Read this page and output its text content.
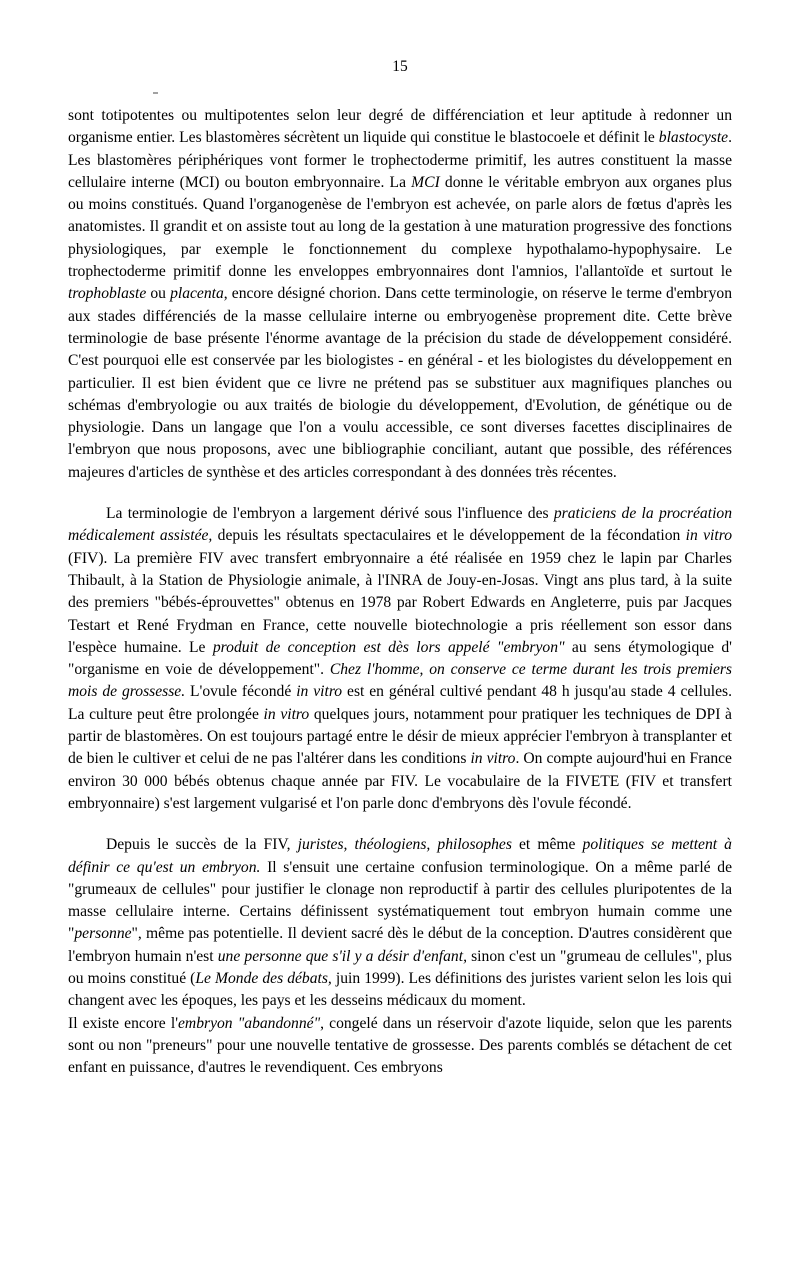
15

sont totipotentes ou multipotentes selon leur degré de différenciation et leur aptitude à redonner un organisme entier. Les blastomères sécrètent un liquide qui constitue le blastocoele et définit le blastocyste. Les blastomères périphériques vont former le trophectoderme primitif, les autres constituent la masse cellulaire interne (MCI) ou bouton embryonnaire. La MCI donne le véritable embryon aux organes plus ou moins constitués. Quand l'organogenèse de l'embryon est achevée, on parle alors de fœtus d'après les anatomistes. Il grandit et on assiste tout au long de la gestation à une maturation progressive des fonctions physiologiques, par exemple le fonctionnement du complexe hypothalamo-hypophysaire. Le trophectoderme primitif donne les enveloppes embryonnaires dont l'amnios, l'allantoïde et surtout le trophoblaste ou placenta, encore désigné chorion. Dans cette terminologie, on réserve le terme d'embryon aux stades différenciés de la masse cellulaire interne ou embryogenèse proprement dite. Cette brève terminologie de base présente l'énorme avantage de la précision du stade de développement considéré. C'est pourquoi elle est conservée par les biologistes - en général - et les biologistes du développement en particulier. Il est bien évident que ce livre ne prétend pas se substituer aux magnifiques planches ou schémas d'embryologie ou aux traités de biologie du développement, d'Evolution, de génétique ou de physiologie. Dans un langage que l'on a voulu accessible, ce sont diverses facettes disciplinaires de l'embryon que nous proposons, avec une bibliographie conciliant, autant que possible, des références majeures d'articles de synthèse et des articles correspondant à des données très récentes.

La terminologie de l'embryon a largement dérivé sous l'influence des praticiens de la procréation médicalement assistée, depuis les résultats spectaculaires et le développement de la fécondation in vitro (FIV). La première FIV avec transfert embryonnaire a été réalisée en 1959 chez le lapin par Charles Thibault, à la Station de Physiologie animale, à l'INRA de Jouy-en-Josas. Vingt ans plus tard, à la suite des premiers "bébés-éprouvettes" obtenus en 1978 par Robert Edwards en Angleterre, puis par Jacques Testart et René Frydman en France, cette nouvelle biotechnologie a pris réellement son essor dans l'espèce humaine. Le produit de conception est dès lors appelé "embryon" au sens étymologique d' "organisme en voie de développement". Chez l'homme, on conserve ce terme durant les trois premiers mois de grossesse. L'ovule fécondé in vitro est en général cultivé pendant 48 h jusqu'au stade 4 cellules. La culture peut être prolongée in vitro quelques jours, notamment pour pratiquer les techniques de DPI à partir de blastomères. On est toujours partagé entre le désir de mieux apprécier l'embryon à transplanter et de bien le cultiver et celui de ne pas l'altérer dans les conditions in vitro. On compte aujourd'hui en France environ 30 000 bébés obtenus chaque année par FIV. Le vocabulaire de la FIVETE (FIV et transfert embryonnaire) s'est largement vulgarisé et l'on parle donc d'embryons dès l'ovule fécondé.

Depuis le succès de la FIV, juristes, théologiens, philosophes et même politiques se mettent à définir ce qu'est un embryon. Il s'ensuit une certaine confusion terminologique. On a même parlé de "grumeaux de cellules" pour justifier le clonage non reproductif à partir des cellules pluripotentes de la masse cellulaire interne. Certains définissent systématiquement tout embryon humain comme une "personne", même pas potentielle. Il devient sacré dès le début de la conception. D'autres considèrent que l'embryon humain n'est une personne que s'il y a désir d'enfant, sinon c'est un "grumeau de cellules", plus ou moins constitué (Le Monde des débats, juin 1999). Les définitions des juristes varient selon les lois qui changent avec les époques, les pays et les desseins médicaux du moment.

Il existe encore l'embryon "abandonné", congelé dans un réservoir d'azote liquide, selon que les parents sont ou non "preneurs" pour une nouvelle tentative de grossesse. Des parents comblés se détachent de cet enfant en puissance, d'autres le revendiquent. Ces embryons
